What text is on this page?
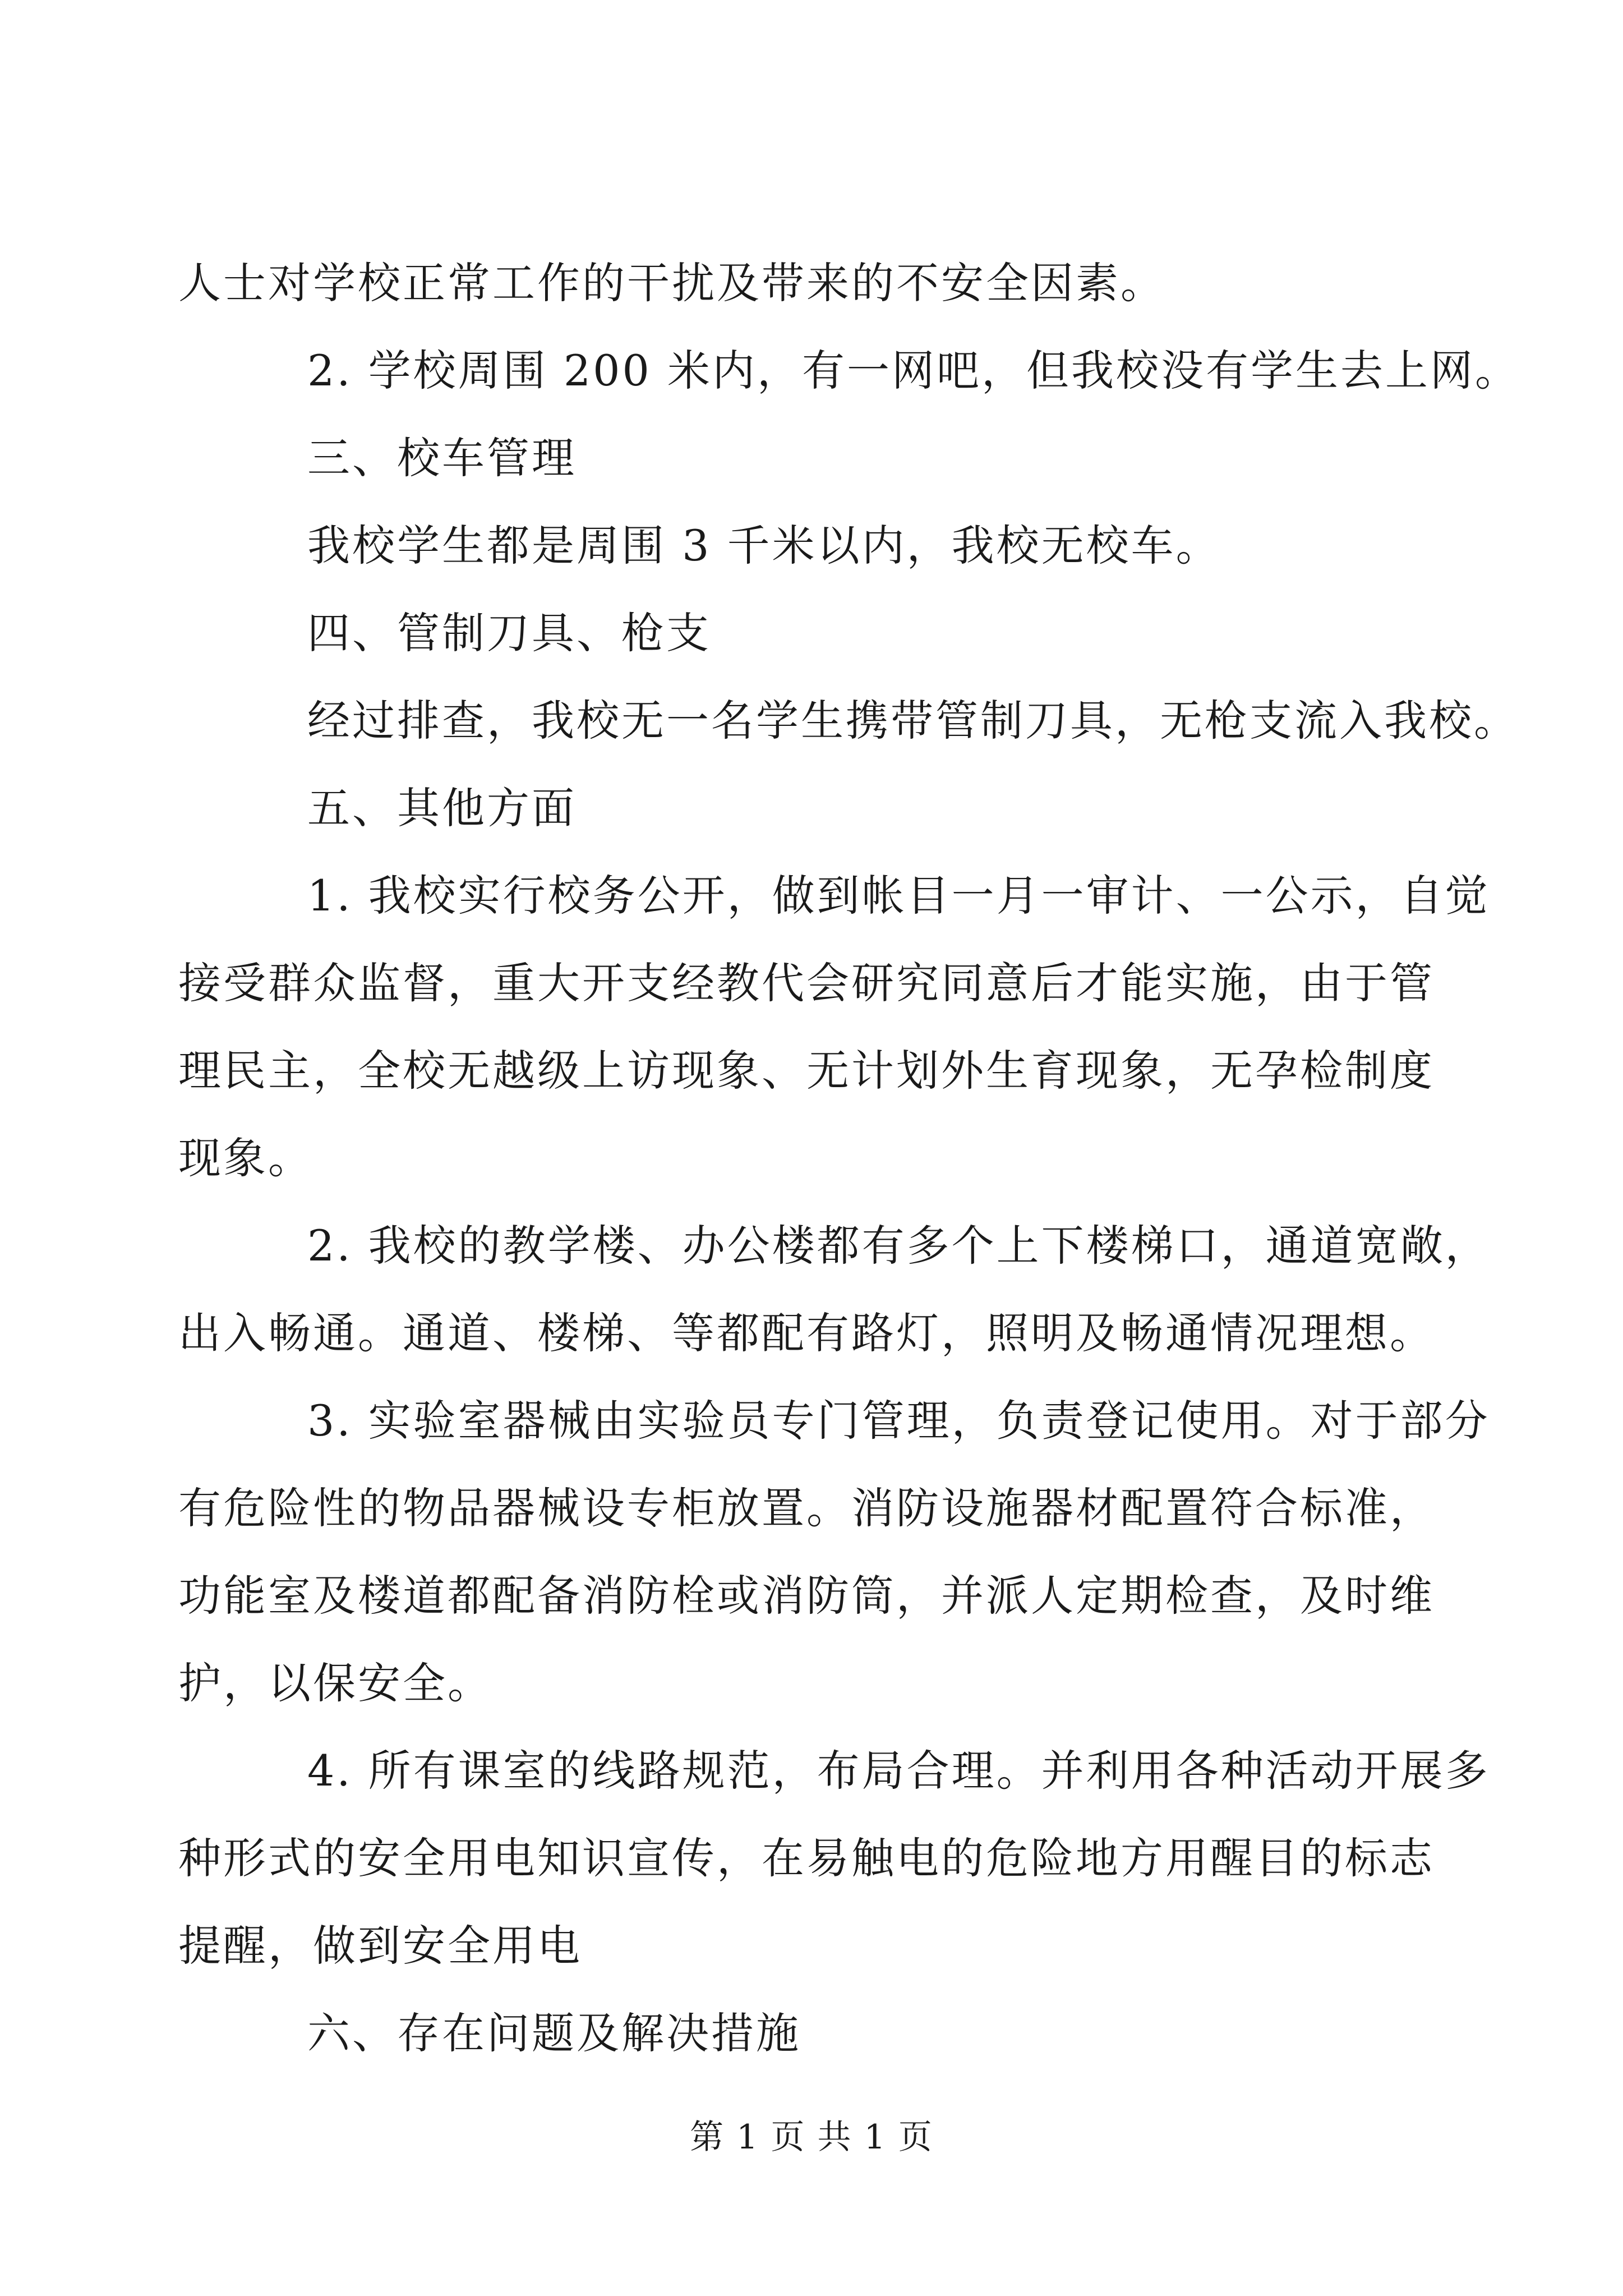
人士对学校正常工作的干扰及带来的不安全因素。
2. 学校周围 200 米内，有一网吧，但我校没有学生去上网。
三、校车管理
我校学生都是周围 3 千米以内，我校无校车。
四、管制刀具、枪支
经过排查，我校无一名学生携带管制刀具，无枪支流入我校。
五、其他方面
1. 我校实行校务公开，做到帐目一月一审计、一公示，自觉
接受群众监督，重大开支经教代会研究同意后才能实施，由于管
理民主，全校无越级上访现象、无计划外生育现象，无孕检制度
现象。
2. 我校的教学楼、办公楼都有多个上下楼梯口，通道宽敞，
出入畅通。通道、楼梯、等都配有路灯，照明及畅通情况理想。
3. 实验室器械由实验员专门管理，负责登记使用。对于部分
有危险性的物品器械设专柜放置。消防设施器材配置符合标准，
功能室及楼道都配备消防栓或消防筒，并派人定期检查，及时维
护，以保安全。
4. 所有课室的线路规范，布局合理。并利用各种活动开展多
种形式的安全用电知识宣传，在易触电的危险地方用醒目的标志
提醒，做到安全用电
六、存在问题及解决措施
第 1 页 共 1 页
